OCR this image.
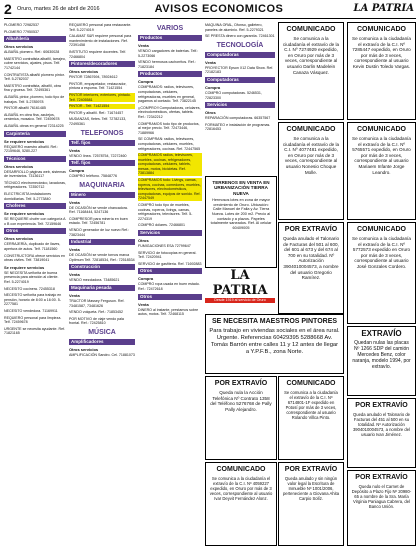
2 Oruro, martes 26 de abril de 2016	AVISOS ECONOMICOS	LA PATRIA
PLOMERO 72982537
PLOMERO 77950537
Albañilería
Otros servicios
ALBAÑIL plomero. Ref.: 60630028
MAESTRO contratista albañil, tarrajeo, cubre servicios, ajustes, pisos. Telf. 71742144
CONTRATISTA albañil plomero pintor. Telf. 5-2782037
MAESTRO contratista, albañil, obra fina y gruesa. Telf. 72495361
ALBAÑIL pintor, plomero, todo tipo de trabajos. Telf. 5-2785978
PINTOR albañil 76161485
ALBAÑIL en obra fina, azulejos, cerámica, mosaico. Telf. 72459678
ALBAÑIL obras en general 72314225
Carpintería
Se requiere servicios
REQUIERO maestro albañil. Ref.: 72159646, 5280-227
Técnicos
Otros servicios
DESARROLLO páginas web, sistemas de inventarios. 73136117
TÉCNICO electromecánico, lavadoras, refrigeradores. 72350712
ELECTRICISTA instalaciones domiciliarias. Telf. 5-2773840
Choferes
Se requiere servicios
SE REQUIERE chofer con categoría A o B con experiencia. Telf. 72159646
Otros
Otros servicios
CERRAJERÍA, duplicado de llaves, apertura de autos. Telf. 71181560
CONSTRUCTORA ofrece servicios en obras civiles. Telf. 73819041
Se requiere servicios
SE NECESITA señorita de buena presencia para atención al cliente. Ref. 5-2274019
NECESITO cocinera. 72455318
NECESITO señorita para trabajo en pensión, horario de 8:00 a 16:00. 5-2277581
NECESITO vendedora. 71169911
REQUIERO personal para limpieza. Telf. 72459678
URGENTE se necesita ayudante. Ref. 71821165
REQUIERO personal para restaurante. Telf. 5-2274019
CALAMAT S&R requiere personal para mantenimiento de instalaciones. Ref. 72391458
INSTITUTO requiere docentes. Telf. 72466804
Pintores/decoradores
Otros servicios
PINTOR 72867694, 78924612
PINTOR, empapelador, restaurador, pintura a espuma. Telf. 71421554
PINTOR interiores, exteriores, pintado. Telf. 72405581
PINTOR - Telf. 71421554
PINTOR y albañil. Ref.: 71674457
MUDANZAS, fletes. Telf. 72782133, 72495361
TELEFONOS
Telf. fijos
Venta
VENDO línea. 72578754, 72272460
Telf. fijos
Compra
COMPRO teléfono. 75848776
MAQUINARIA
Minero
Venta
DE OCASIÓN se vende chancadora. Ref. 71168444, 5247136
COMPRESOR para minería en buen estado. Telf. 72456781
VENDO generador de luz nuevo Ref.: 73823444
Industrial
Venta
DE OCASIÓN se vende tornos marca Optimum Telf. 72818534, Ref.: 72518534
Construcción
Venta
VENDO mezcladora. 73485621
Maquinaria pesada
Venta
TRACTOR Massey Ferguson. Ref. 73481587, 73481626
VENDO volqueta. Ref.: 71853452
POR MOTIVO de viaje vendo pala frontal. Ref.: 72425810
MÚSICA
Amplificadores
Otros servicios
AMPLIFICACIÓN Sandro. Cel. 71881073
VARIOS
Productos
Venta
VENDO cargadores de baterías. Telf.: 5-2273066
VENDO hermosos cachorritos. Ref.: 71823184
Productos
Compra
COMPRAMOS: radios, televisores, computadoras, celulares, refrigeradoras, muebles en general, pagamos al contado. Telf. 73822145
¡¡COMPRO!! Computadoras, celulares, electrodomésticos, ofertas, tablets. Ref.: 72342212
COMPRAMOS todo tipo de productos, al mejor precio. Telf. 72473446, 71889966
SE COMPRAN: radios, televisores, computadoras, celulares, muebles, refrigeradores, cocinas. Ref. 72447565
COMPRAMOS radios, televisores, muebles, cocinas, refrigeradores, computadoras, celulares, tablets, mesas, motos, bicicletas. Ref. 73813884
COMPRAMOS todo: Livings, camas, roperos, cocinas, comedores, muebles, televisores, electrodomésticos, computadoras, equipos de sonido. Ref. 72447549
COMPRO todo tipo de muebles, cocinas, roperos, livings, camas, refrigeradores, televisores. Telf. 5-2274319
COMPRO dólares. 72466801
Servicios
Otros
FUMIGACIONES ESA 72799647
SERVICIO de fotocopias en general. Telf. 72420941
SERVICIO de gasfitería. Ref. 71692883
Otros
Compra
COMPRO ropa usada en buen estado. Ref.: 72472618
Otros
Venta
DINERO al instante, prestamos sobre autos, motos. Telf. 72468115
MAQUINA ORAL, Dfonso, galletero, paneles de aluminio. Ref. 5-2279321
SE PRESTA dinero con garantía. 72461301
TECNOLOGÍA
Computadoras
Venta
PROYECTOR Epson X12 Data Show. Ref. 72182183
Computadoras
Compra
COMPRO computadoras. 5246531, 72823300
Servicios
Otros
REPARACIÓN computadoras. 66357567
FORMATEO e instalación de programas. 72816453
COMUNICADO
Se comunica a la ciudadanía el extravío de la C.I. Nº 7274929 expedido, en Oruro por más de 3 veces, correspondiente al usuario Darlin Madelein Canaza Vásquez.
COMUNICADO
Se comunica a la ciudadanía el extravío de la C.I. Nº 4077481 expedido, en Oruro por más de 3 veces, correspondiente al usuario Nonesio Choque Molle.
POR EXTRAVÍO
Queda anulado el Talonario de Facturas del 501 al 600, del 601 al 673 y del 674 al 700 en su totalidad. Nº Autorización 3904010004573, a nombre del usuario Gregorio Ramírez.
COMUNICADO
Se comunica a la ciudadanía el extravío de la C.I. Nº 7285447 expedido, en Oruro por más de 3 veces, correspondiente al usuario Kevin Dustin Toledo Vargas.
COMUNICADO
Se comunica a la ciudadanía el extravío de la C.I. Nº 5765571 expedido, en Oruro por más de 3 veces, correspondiente al usuario Mariaem Infante Jorge Leandro.
COMUNICADO
Se comunica a la ciudadanía el extravío de la C.I. Nº 5772573 expedido en Oruro por más de 3 veces, correspondiente al usuario José Gonzales Cordero.
TERRENOS EN VENTA EN URBANIZACIÓN TIERRA NUEVA
Hermosos lotes en zona de mayor crecimiento de Oruro. Ubicación: Calle Manuel de Falla y Av. Tierra Nueva. Lotes de 200 m2. Precio al contado y a plazos. Papeles totalmente saneados. Ref. Al celular 60409005
LA PATRIA
Desde 1919 al servicio de Oruro
SE NECESITA MAESTROS PINTORES
Para trabajo en viviendas sociales en el área rural. Urgente. Referencias 60429395 5288668 Av. Tomás Barrón entre calles 11 y 12 antes de llegar a Y.P.F.B., zona Norte.
EXTRAVÍO
Quedan nulas las placas Nº 1266 SDP del camión Mercedes Benz, color naranja, modelo 1994, por extravío.
POR EXTRAVÍO
Queda nula la Acción Telefónica Nº Contrato 1358 del Teléfono 5276768 de Pally Pally Alejandro.
COMUNICADO
Se comunica a la ciudadanía el extravío de la C.I. Nº 6714801-1F expedido en Potosí por más de 3 veces, correspondiente al usuario Rolando Villca Pinto.
POR EXTRAVÍO
Queda anulado el Talonario de Facturas del 451 al 500 en su totalidad. Nº Autorización 3904010004573, a nombre del usuario Ivan Jiménez.
COMUNICADO
Se comunica a la ciudadanía el extravío de la C.I. Nº 4059227 expedido, en Oruro por más de 3 veces, correspondiente al usuario Ivar Deyvit Fernández Alonz.
POR EXTRAVÍO
Queda anulado y sin ningún valor legal la Escritura de Inmueble Nº 1001/2006, perteneciente a Giovana Ahita Carpio Solíz.
POR EXTRAVÍO
Queda nulo el Carnet de Depósito a Plazo Fijo Nº 20980-65 a nombre de la Sra. María Virginia Paniagua Cabrera, del Banco Unión.
